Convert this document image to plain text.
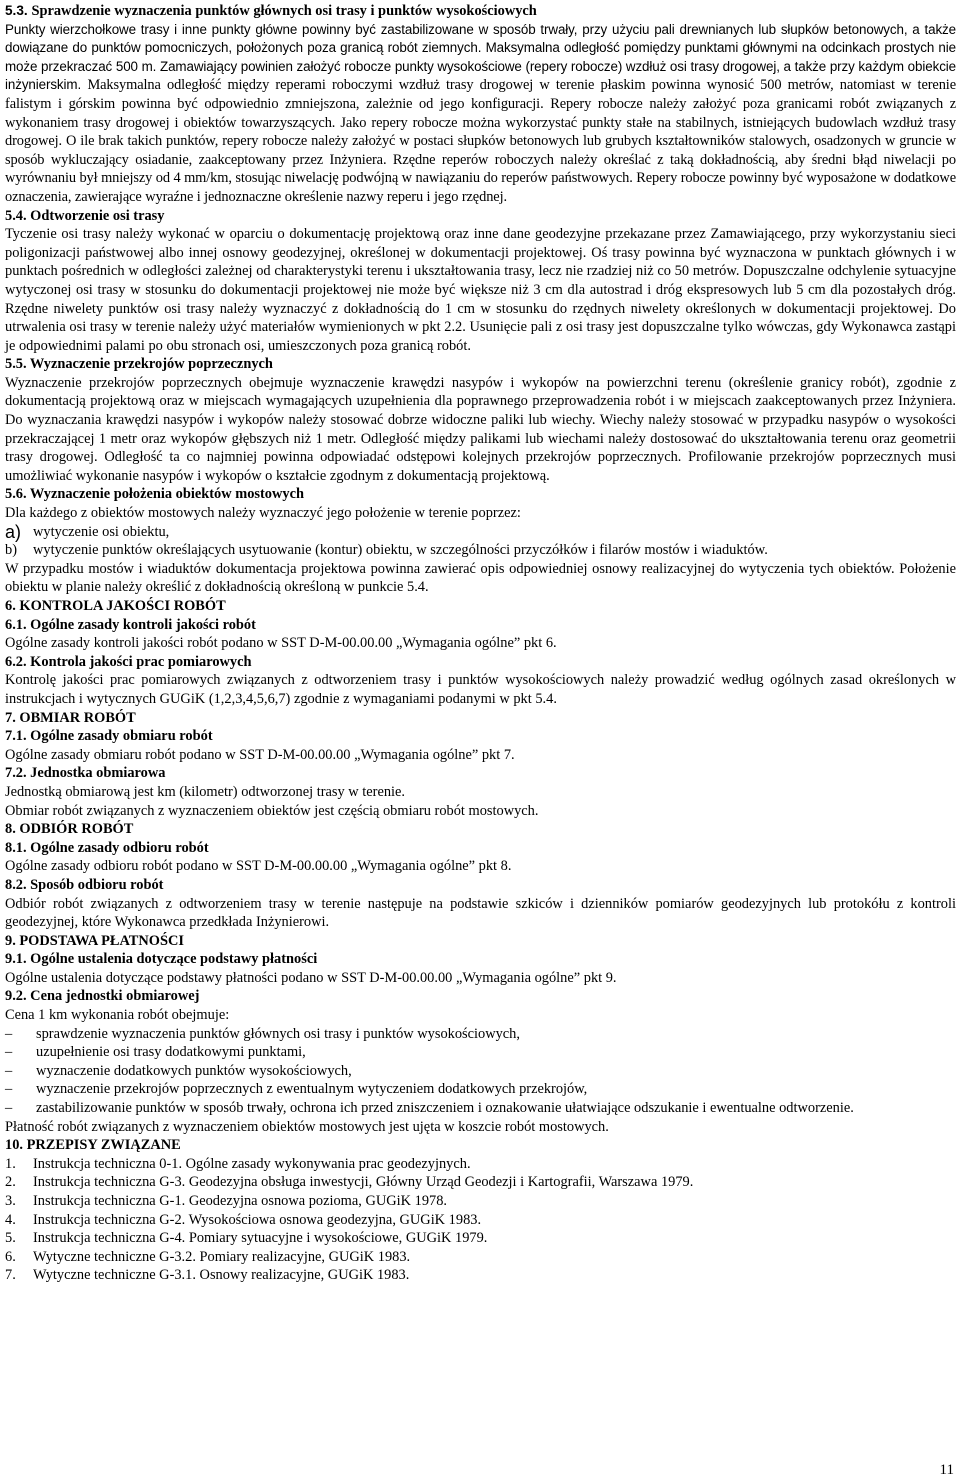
5.3. Sprawdzenie wyznaczenia punktów głównych osi trasy i punktów wysokościowych

Punkty wierzchołkowe trasy i inne punkty główne powinny być zastabilizowane w sposób trwały, przy użyciu pali drewnianych lub słupków betonowych, a także dowiązane do punktów pomocniczych, położonych poza granicą robót ziemnych. Maksymalna odległość pomiędzy punktami głównymi na odcinkach prostych nie może przekraczać 500 m. Zamawiający powinien założyć robocze punkty wysokościowe (repery robocze) wzdłuż osi trasy drogowej, a także przy każdym obiekcie inżynierskim. Maksymalna odległość między reperami roboczymi wzdłuż trasy drogowej w terenie płaskim powinna wynosić 500 metrów, natomiast w terenie falistym i górskim powinna być odpowiednio zmniejszona, zależnie od jego konfiguracji. Repery robocze należy założyć poza granicami robót związanych z wykonaniem trasy drogowej i obiektów towarzyszących. Jako repery robocze można wykorzystać punkty stałe na stabilnych, istniejących budowlach wzdłuż trasy drogowej. O ile brak takich punktów, repery robocze należy założyć w postaci słupków betonowych lub grubych kształtowników stalowych, osadzonych w gruncie w sposób wykluczający osiadanie, zaakceptowany przez Inżyniera. Rzędne reperów roboczych należy określać z taką dokładnością, aby średni błąd niwelacji po wyrównaniu był mniejszy od 4 mm/km, stosując niwelację podwójną w nawiązaniu do reperów państwowych. Repery robocze powinny być wyposażone w dodatkowe oznaczenia, zawierające wyraźne i jednoznaczne określenie nazwy reperu i jego rzędnej.

5.4. Odtworzenie osi trasy

Tyczenie osi trasy należy wykonać w oparciu o dokumentację projektową oraz inne dane geodezyjne przekazane przez Zamawiającego, przy wykorzystaniu sieci poligonizacji państwowej albo innej osnowy geodezyjnej, określonej w dokumentacji projektowej. Oś trasy powinna być wyznaczona w punktach głównych i w punktach pośrednich w odległości zależnej od charakterystyki terenu i ukształtowania trasy, lecz nie rzadziej niż co 50 metrów. Dopuszczalne odchylenie sytuacyjne wytyczonej osi trasy w stosunku do dokumentacji projektowej nie może być większe niż 3 cm dla autostrad i dróg ekspresowych lub 5 cm dla pozostałych dróg. Rzędne niwelety punktów osi trasy należy wyznaczyć z dokładnością do 1 cm w stosunku do rzędnych niwelety określonych w dokumentacji projektowej. Do utrwalenia osi trasy w terenie należy użyć materiałów wymienionych w pkt 2.2. Usunięcie pali z osi trasy jest dopuszczalne tylko wówczas, gdy Wykonawca zastąpi je odpowiednimi palami po obu stronach osi, umieszczonych poza granicą robót.

5.5. Wyznaczenie przekrojów poprzecznych

Wyznaczenie przekrojów poprzecznych obejmuje wyznaczenie krawędzi nasypów i wykopów na powierzchni terenu (określenie granicy robót), zgodnie z dokumentacją projektową oraz w miejscach wymagających uzupełnienia dla poprawnego przeprowadzenia robót i w miejscach zaakceptowanych przez Inżyniera. Do wyznaczania krawędzi nasypów i wykopów należy stosować dobrze widoczne paliki lub wiechy. Wiechy należy stosować w przypadku nasypów o wysokości przekraczającej 1 metr oraz wykopów głębszych niż 1 metr. Odległość między palikami lub wiechami należy dostosować do ukształtowania terenu oraz geometrii trasy drogowej. Odległość ta co najmniej powinna odpowiadać odstępowi kolejnych przekrojów poprzecznych. Profilowanie przekrojów poprzecznych musi umożliwiać wykonanie nasypów i wykopów o kształcie zgodnym z dokumentacją projektową.

5.6. Wyznaczenie położenia obiektów mostowych

Dla każdego z obiektów mostowych należy wyznaczyć jego położenie w terenie poprzez:

a) wytyczenie osi obiektu,
b)	wytyczenie punktów określających usytuowanie (kontur) obiektu, w szczególności przyczółków i filarów mostów i wiaduktów.

W przypadku mostów i wiaduktów dokumentacja projektowa powinna zawierać opis odpowiedniej osnowy realizacyjnej do wytyczenia tych obiektów. Położenie obiektu w planie należy określić z dokładnością określoną w punkcie 5.4.

6. KONTROLA JAKOŚCI ROBÓT

6.1. Ogólne zasady kontroli jakości robót

Ogólne zasady kontroli jakości robót podano w SST D-M-00.00.00 „Wymagania ogólne” pkt 6.

6.2. Kontrola jakości prac pomiarowych

Kontrolę jakości prac pomiarowych związanych z odtworzeniem trasy i punktów wysokościowych należy prowadzić według ogólnych zasad określonych w instrukcjach i wytycznych GUGiK (1,2,3,4,5,6,7) zgodnie z wymaganiami podanymi w pkt 5.4.

7. OBMIAR ROBÓT

7.1. Ogólne zasady obmiaru robót

Ogólne zasady obmiaru robót podano w SST D-M-00.00.00 „Wymagania ogólne” pkt 7.

7.2. Jednostka obmiarowa

Jednostką obmiarową jest km (kilometr) odtworzonej trasy w terenie.

Obmiar robót związanych z wyznaczeniem obiektów jest częścią obmiaru robót mostowych.

8. ODBIÓR ROBÓT

8.1. Ogólne zasady odbioru robót

Ogólne zasady odbioru robót podano w SST D-M-00.00.00 „Wymagania ogólne” pkt 8.

8.2. Sposób odbioru robót

Odbiór robót związanych z odtworzeniem trasy w terenie następuje na podstawie szkiców i dzienników pomiarów geodezyjnych lub protokółu z kontroli geodezyjnej, które Wykonawca przedkłada Inżynierowi.

9. PODSTAWA PŁATNOŚCI

9.1. Ogólne ustalenia dotyczące podstawy płatności

Ogólne ustalenia dotyczące podstawy płatności podano w SST D-M-00.00.00 „Wymagania ogólne” pkt 9.

9.2. Cena jednostki obmiarowej

Cena 1 km wykonania robót obejmuje:

–	sprawdzenie wyznaczenia punktów głównych osi trasy i punktów wysokościowych,
–	uzupełnienie osi trasy dodatkowymi punktami,
–	wyznaczenie dodatkowych punktów wysokościowych,
–	wyznaczenie przekrojów poprzecznych z ewentualnym wytyczeniem dodatkowych przekrojów,
–	zastabilizowanie punktów w sposób trwały, ochrona ich przed zniszczeniem i oznakowanie ułatwiające odszukanie i ewentualne odtworzenie.

Płatność robót związanych z wyznaczeniem obiektów mostowych jest ujęta w koszcie robót mostowych.

10. PRZEPISY ZWIĄZANE

1.	Instrukcja techniczna 0-1. Ogólne zasady wykonywania prac geodezyjnych.
2.	Instrukcja techniczna G-3. Geodezyjna obsługa inwestycji, Główny Urząd Geodezji i Kartografii, Warszawa 1979.
3.	Instrukcja techniczna G-1. Geodezyjna osnowa pozioma, GUGiK 1978.
4.	Instrukcja techniczna G-2. Wysokościowa osnowa geodezyjna, GUGiK 1983.
5.	Instrukcja techniczna G-4. Pomiary sytuacyjne i wysokościowe, GUGiK 1979.
6.	Wytyczne techniczne G-3.2. Pomiary realizacyjne, GUGiK 1983.
7.	Wytyczne techniczne G-3.1. Osnowy realizacyjne, GUGiK 1983.
11
